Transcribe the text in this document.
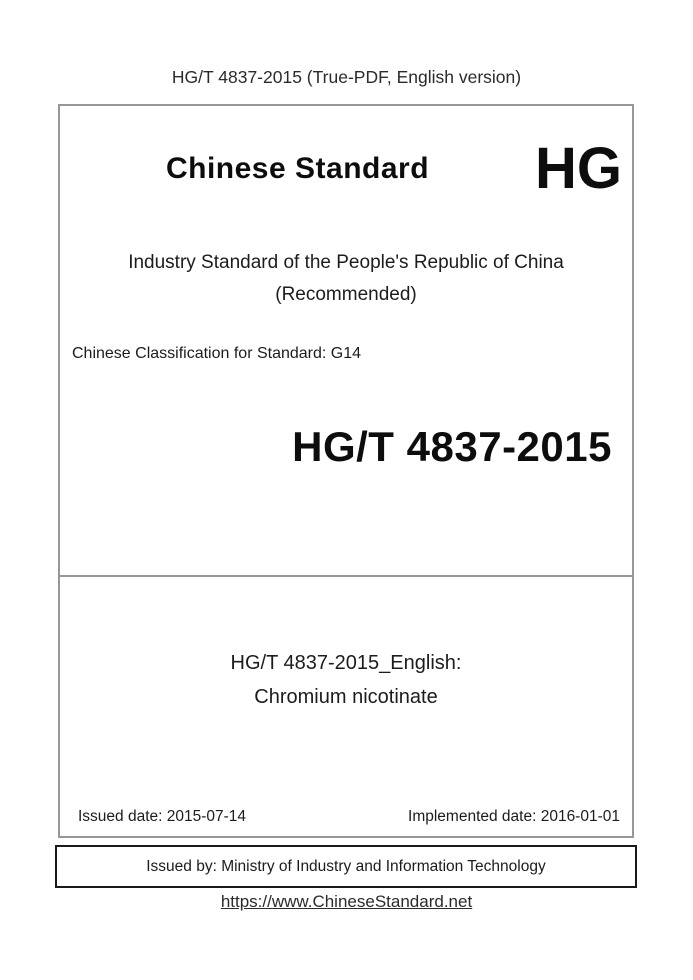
HG/T 4837-2015 (True-PDF, English version)
Chinese Standard	HG
Industry Standard of the People's Republic of China
(Recommended)
Chinese Classification for Standard: G14
HG/T 4837-2015
HG/T 4837-2015_English:
Chromium nicotinate
Issued date: 2015-07-14	Implemented date: 2016-01-01
Issued by: Ministry of Industry and Information Technology
https://www.ChineseStandard.net
